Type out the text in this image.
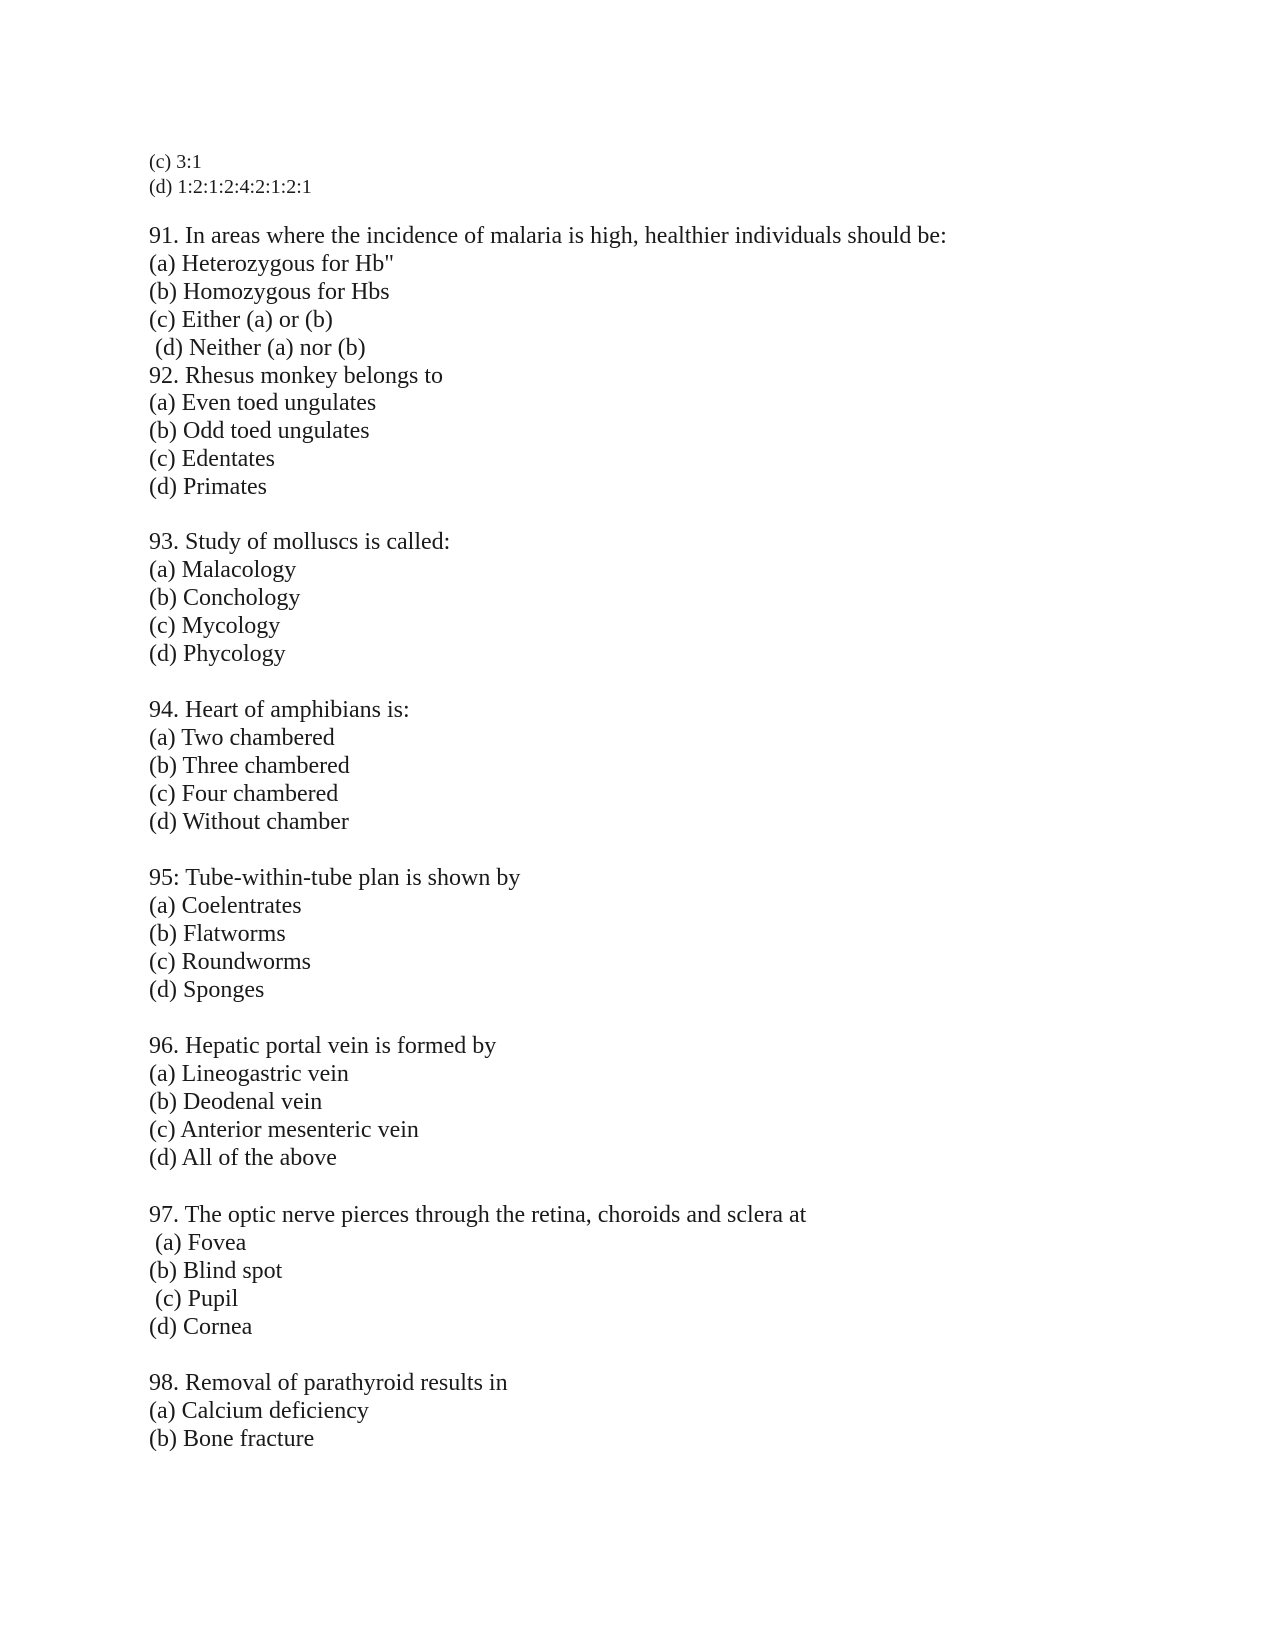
(c) 3:1
(d) 1:2:1:2:4:2:1:2:1
91. In areas where the incidence of malaria is high, healthier individuals should be:
(a) Heterozygous for Hb"
(b) Homozygous for Hbs
(c) Either (a) or (b)
(d) Neither (a) nor (b)
92. Rhesus monkey belongs to
(a) Even toed ungulates
(b) Odd toed ungulates
(c) Edentates
(d) Primates
93. Study of molluscs is called:
(a) Malacology
(b) Conchology
(c) Mycology
(d) Phycology
94. Heart of amphibians is:
(a) Two chambered
(b) Three chambered
(c) Four chambered
(d) Without chamber
95: Tube-within-tube plan is shown by
(a) Coelentrates
(b) Flatworms
(c) Roundworms
(d) Sponges
96. Hepatic portal vein is formed by
(a) Lineogastric vein
(b) Deodenal vein
(c) Anterior mesenteric vein
(d) All of the above
97. The optic nerve pierces through the retina, choroids and sclera at
(a) Fovea
(b) Blind spot
(c) Pupil
(d) Cornea
98. Removal of parathyroid results in
(a) Calcium deficiency
(b) Bone fracture
